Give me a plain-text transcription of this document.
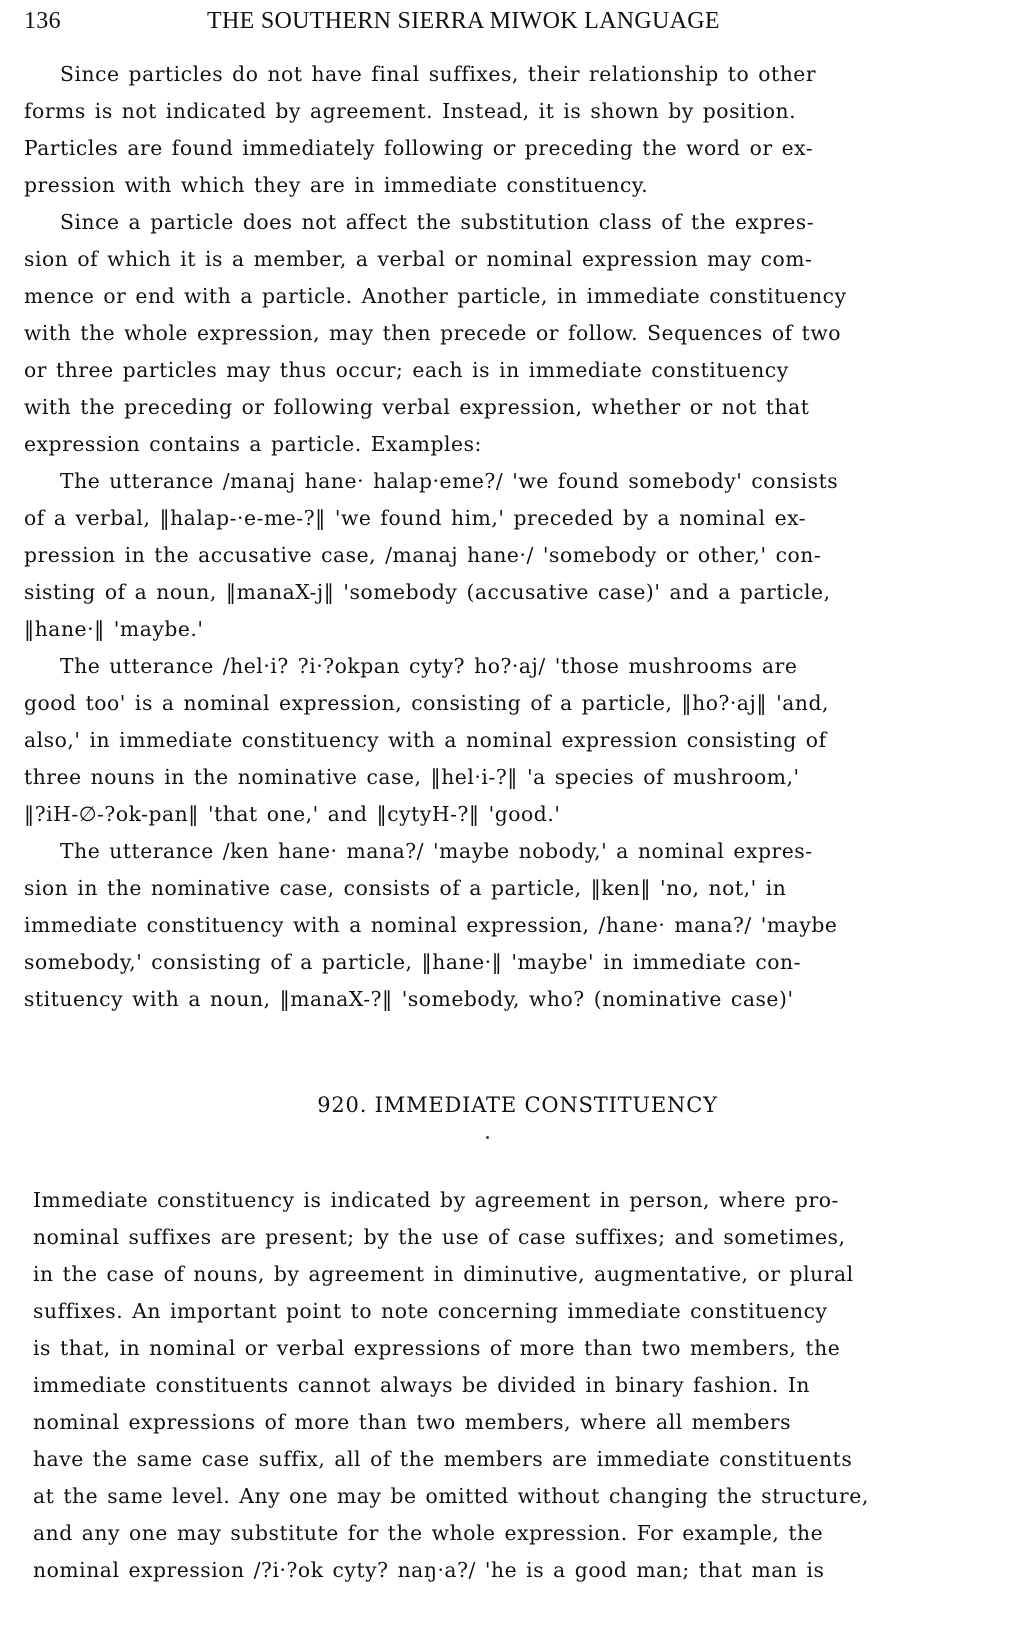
136	THE SOUTHERN SIERRA MIWOK LANGUAGE
Since particles do not have final suffixes, their relationship to other
forms is not indicated by agreement. Instead, it is shown by position.
Particles are found immediately following or preceding the word or ex-
pression with which they are in immediate constituency.
Since a particle does not affect the substitution class of the expres-
sion of which it is a member, a verbal or nominal expression may com-
mence or end with a particle. Another particle, in immediate constituency
with the whole expression, may then precede or follow. Sequences of two
or three particles may thus occur; each is in immediate constituency
with the preceding or following verbal expression, whether or not that
expression contains a particle. Examples:
The utterance /manaj hane· halap·eme?/ 'we found somebody' consists
of a verbal, ‖halap-·e-me-?‖ 'we found him,' preceded by a nominal ex-
pression in the accusative case, /manaj hane·/ 'somebody or other,' con-
sisting of a noun, ‖manaX-j‖ 'somebody (accusative case)' and a particle,
‖hane·‖ 'maybe.'
The utterance /hel·i? ?i·?okpan cyty? ho?·aj/ 'those mushrooms are
good too' is a nominal expression, consisting of a particle, ‖ho?·aj‖ 'and,
also,' in immediate constituency with a nominal expression consisting of
three nouns in the nominative case, ‖hel·i-?‖ 'a species of mushroom,'
‖?iH-∅-?ok-pan‖ 'that one,' and ‖cytyH-?‖ 'good.'
The utterance /ken hane· mana?/ 'maybe nobody,' a nominal expres-
sion in the nominative case, consists of a particle, ‖ken‖ 'no, not,' in
immediate constituency with a nominal expression, /hane· mana?/ 'maybe
somebody,' consisting of a particle, ‖hane·‖ 'maybe' in immediate con-
stituency with a noun, ‖manaX-?‖ 'somebody, who? (nominative case)'
920. IMMEDIATE CONSTITUENCY
Immediate constituency is indicated by agreement in person, where pro-
nominal suffixes are present; by the use of case suffixes; and sometimes,
in the case of nouns, by agreement in diminutive, augmentative, or plural
suffixes. An important point to note concerning immediate constituency
is that, in nominal or verbal expressions of more than two members, the
immediate constituents cannot always be divided in binary fashion. In
nominal expressions of more than two members, where all members
have the same case suffix, all of the members are immediate constituents
at the same level. Any one may be omitted without changing the structure,
and any one may substitute for the whole expression. For example, the
nominal expression /?i·?ok cyty? naŋ·a?/ 'he is a good man; that man is
